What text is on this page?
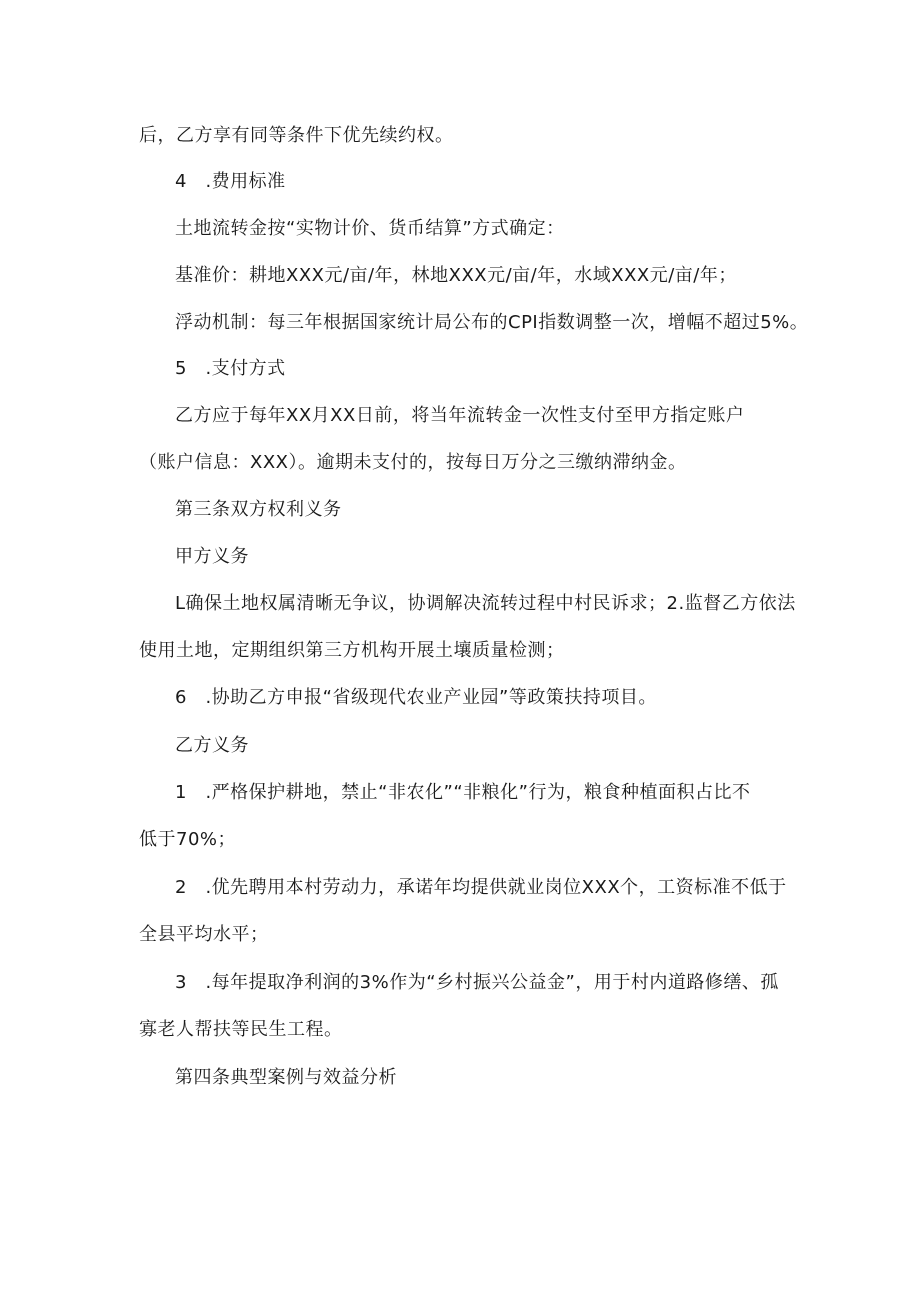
后，乙方享有同等条件下优先续约权。
4　.费用标准
土地流转金按“实物计价、货币结算”方式确定：
基准价：耕地XXX元/亩/年，林地XXX元/亩/年，水域XXX元/亩/年；
浮动机制：每三年根据国家统计局公布的CPI指数调整一次，增幅不超过5%。
5　.支付方式
乙方应于每年XX月XX日前，将当年流转金一次性支付至甲方指定账户
（账户信息：XXX）。逾期未支付的，按每日万分之三缴纳滞纳金。
第三条双方权利义务
甲方义务
L确保土地权属清晰无争议，协调解决流转过程中村民诉求；2.监督乙方依法
使用土地，定期组织第三方机构开展土壤质量检测；
6　.协助乙方申报“省级现代农业产业园”等政策扶持项目。
乙方义务
1　.严格保护耕地，禁止“非农化”“非粮化”行为，粮食种植面积占比不
低于70%；
2　.优先聘用本村劳动力，承诺年均提供就业岗位XXX个，工资标准不低于
全县平均水平；
3　.每年提取净利润的3%作为“乡村振兴公益金”，用于村内道路修缮、孤
寡老人帮扶等民生工程。
第四条典型案例与效益分析
